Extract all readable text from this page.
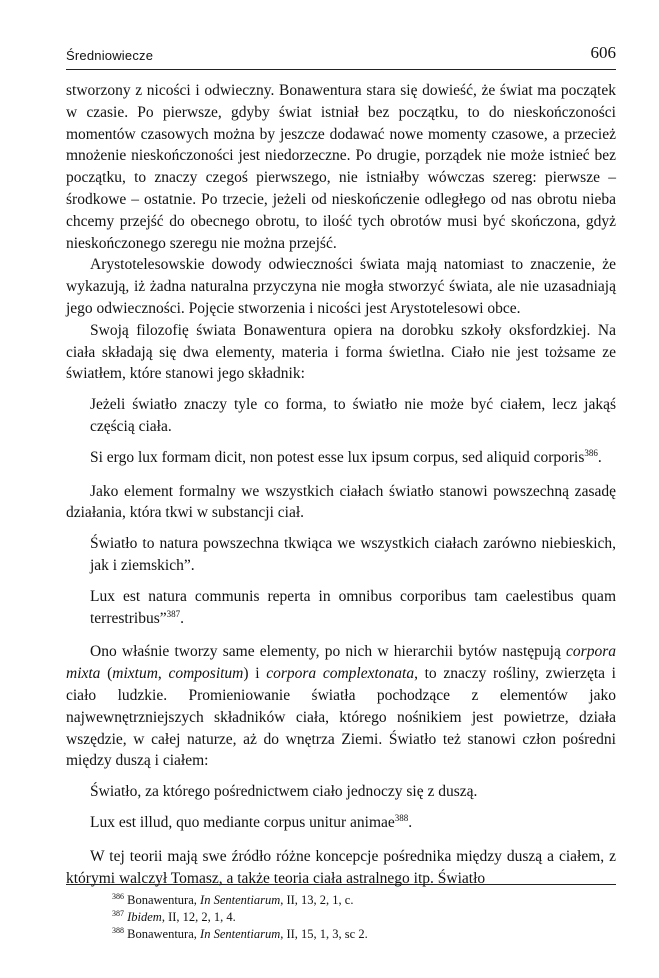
Średniowiecze	606

stworzony z nicości i odwieczny. Bonawentura stara się dowieść, że świat ma początek w czasie. Po pierwsze, gdyby świat istniał bez początku, to do nieskończoności momentów czasowych można by jeszcze dodawać nowe momenty czasowe, a przecież mnożenie nieskończoności jest niedorzeczne. Po drugie, porządek nie może istnieć bez początku, to znaczy czegoś pierwszego, nie istniałby wówczas szereg: pierwsze – środkowe – ostatnie. Po trzecie, jeżeli od nieskończenie odległego od nas obrotu nieba chcemy przejść do obecnego obrotu, to ilość tych obrotów musi być skończona, gdyż nieskończonego szeregu nie można przejść.

Arystotelesowskie dowody odwieczności świata mają natomiast to znaczenie, że wykazują, iż żadna naturalna przyczyna nie mogła stworzyć świata, ale nie uzasadniają jego odwieczności. Pojęcie stworzenia i nicości jest Arystotelesowi obce.

Swoją filozofię świata Bonawentura opiera na dorobku szkoły oksfordzkiej. Na ciała składają się dwa elementy, materia i forma świetlna. Ciało nie jest tożsame ze światłem, które stanowi jego składnik:

Jeżeli światło znaczy tyle co forma, to światło nie może być ciałem, lecz jakąś częścią ciała.

Si ergo lux formam dicit, non potest esse lux ipsum corpus, sed aliquid corporis$^{386}$.

Jako element formalny we wszystkich ciałach światło stanowi powszechną zasadę działania, która tkwi w substancji ciał.

Światło to natura powszechna tkwiąca we wszystkich ciałach zarówno niebieskich, jak i ziemskich”.

Lux est natura communis reperta in omnibus corporibus tam caelestibus quam terrestribus”$^{387}$.

Ono właśnie tworzy same elementy, po nich w hierarchii bytów następują corpora mixta (mixtum, compositum) i corpora complextonata, to znaczy rośliny, zwierzęta i ciało ludzkie. Promieniowanie światła pochodzące z elementów jako najwewnętrzniejszych składników ciała, którego nośnikiem jest powietrze, działa wszędzie, w całej naturze, aż do wnętrza Ziemi. Światło też stanowi człon pośredni między duszą i ciałem:

Światło, za którego pośrednictwem ciało jednoczy się z duszą.

Lux est illud, quo mediante corpus unitur animae$^{388}$.

W tej teorii mają swe źródło różne koncepcje pośrednika między duszą a ciałem, z którymi walczył Tomasz, a także teoria ciała astralnego itp. Światło

$^{386}$ Bonawentura, In Sententiarum, II, 13, 2, 1, c.
$^{387}$ Ibidem, II, 12, 2, 1, 4.
$^{388}$ Bonawentura, In Sententiarum, II, 15, 1, 3, sc 2.
